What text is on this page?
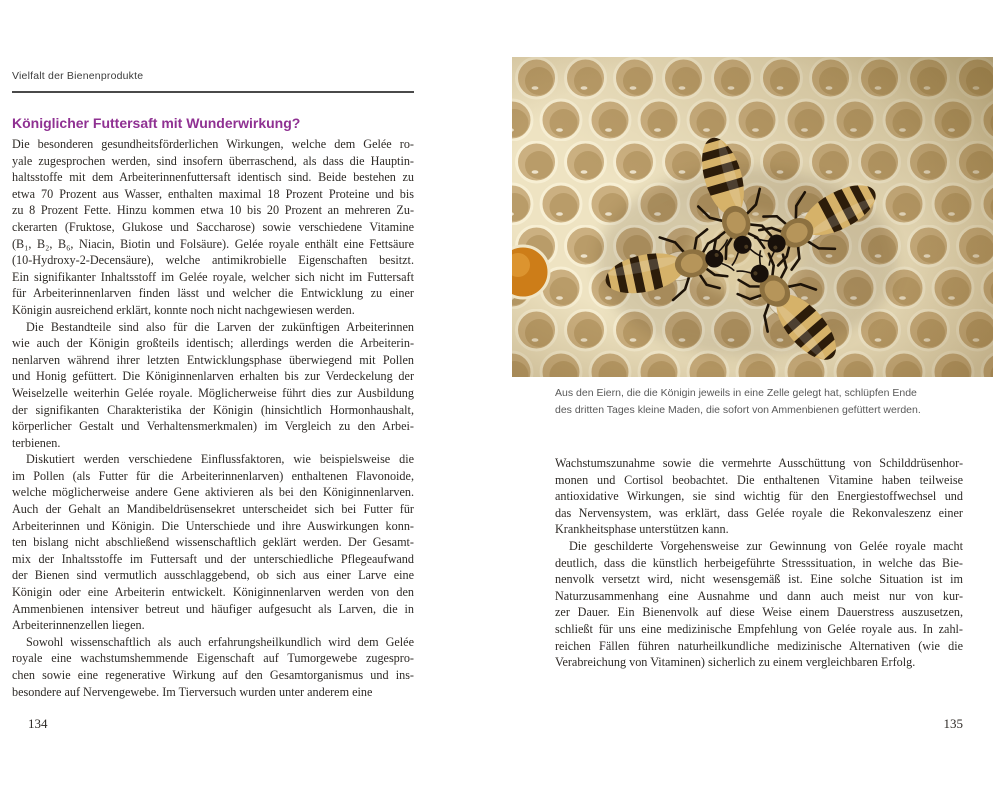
Vielfalt der Bienenprodukte
Königlicher Futtersaft mit Wunderwirkung?
Die besonderen gesundheitsförderlichen Wirkungen, welche dem Gelée ro-
yale zugesprochen werden, sind insofern überraschend, als dass die Hauptin-
haltsstoffe mit dem Arbeiterinnenfuttersaft identisch sind. Beide bestehen zu
etwa 70 Prozent aus Wasser, enthalten maximal 18 Prozent Proteine und bis
zu 8 Prozent Fette. Hinzu kommen etwa 10 bis 20 Prozent an mehreren Zu-
ckerarten (Fruktose, Glukose und Saccharose) sowie verschiedene Vitamine
(B₁, B₂, B₆, Niacin, Biotin und Folsäure). Gelée royale enthält eine Fettsäure
(10-Hydroxy-2-Decensäure), welche antimikrobielle Eigenschaften besitzt.
Ein signifikanter Inhaltsstoff im Gelée royale, welcher sich nicht im Futtersaft
für Arbeiterinnenlarven finden lässt und welcher die Entwicklung zu einer
Königin ausreichend erklärt, konnte noch nicht nachgewiesen werden.
Die Bestandteile sind also für die Larven der zukünftigen Arbeiterinnen
wie auch der Königin großteils identisch; allerdings werden die Arbeiterin-
nenlarven während ihrer letzten Entwicklungsphase überwiegend mit Pollen
und Honig gefüttert. Die Königinnenlarven erhalten bis zur Verdeckelung der
Weiselzelle weiterhin Gelée royale. Möglicherweise führt dies zur Ausbildung
der signifikanten Charakteristika der Königin (hinsichtlich Hormonhaushalt,
körperlicher Gestalt und Verhaltensmerkmalen) im Vergleich zu den Arbei-
terbienen.
Diskutiert werden verschiedene Einflussfaktoren, wie beispielsweise die
im Pollen (als Futter für die Arbeiterinnenlarven) enthaltenen Flavonoide,
welche möglicherweise andere Gene aktivieren als bei den Königinnenlarven.
Auch der Gehalt an Mandibeldrüsensekret unterscheidet sich bei Futter für
Arbeiterinnen und Königin. Die Unterschiede und ihre Auswirkungen konn-
ten bislang nicht abschließend wissenschaftlich geklärt werden. Der Gesamt-
mix der Inhaltsstoffe im Futtersaft und der unterschiedliche Pflegeaufwand
der Bienen sind vermutlich ausschlaggebend, ob sich aus einer Larve eine
Königin oder eine Arbeiterin entwickelt. Königinnenlarven werden von den
Ammenbienen intensiver betreut und häufiger aufgesucht als Larven, die in
Arbeiterinnenzellen liegen.
Sowohl wissenschaftlich als auch erfahrungsheilkundlich wird dem Gelée
royale eine wachstumshemmende Eigenschaft auf Tumorgewebe zugespro-
chen sowie eine regenerative Wirkung auf den Gesamtorganismus und ins-
besondere auf Nervengewebe. Im Tierversuch wurden unter anderem eine
134
Aus den Eiern, die die Königin jeweils in eine Zelle gelegt hat, schlüpfen Ende
des dritten Tages kleine Maden, die sofort von Ammenbienen gefüttert werden.
Wachstumszunahme sowie die vermehrte Ausschüttung von Schilddrüsenhor-
monen und Cortisol beobachtet. Die enthaltenen Vitamine haben teilweise
antioxidative Wirkungen, sie sind wichtig für den Energiestoffwechsel und
das Nervensystem, was erklärt, dass Gelée royale die Rekonvaleszenz einer
Krankheitsphase unterstützen kann.
Die geschilderte Vorgehensweise zur Gewinnung von Gelée royale macht
deutlich, dass die künstlich herbeigeführte Stresssituation, in welche das Bie-
nenvolk versetzt wird, nicht wesensgemäß ist. Eine solche Situation ist im
Naturzusammenhang eine Ausnahme und dann auch meist nur von kur-
zer Dauer. Ein Bienenvolk auf diese Weise einem Dauerstress auszusetzen,
schließt für uns eine medizinische Empfehlung von Gelée royale aus. In zahl-
reichen Fällen führen naturheilkundliche medizinische Alternativen (wie die
Verabreichung von Vitaminen) sicherlich zu einem vergleichbaren Erfolg.
135
